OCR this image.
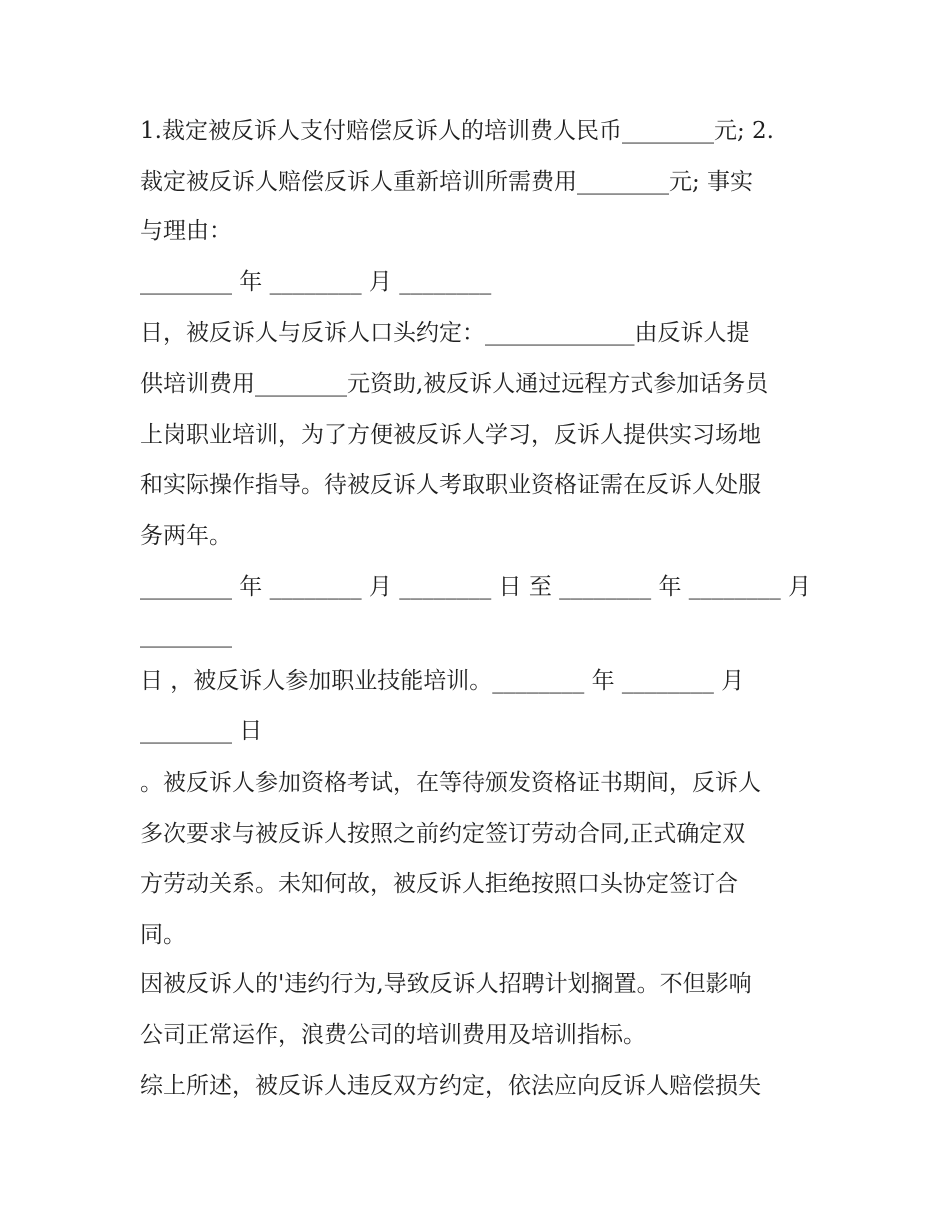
1.裁定被反诉人支付赔偿反诉人的培训费人民币________元; 2.
裁定被反诉人赔偿反诉人重新培训所需费用________元; 事实
与理由：
________ 年 ________ 月 ________
日，被反诉人与反诉人口头约定：_____________由反诉人提
供培训费用________元资助,被反诉人通过远程方式参加话务员
上岗职业培训，为了方便被反诉人学习，反诉人提供实习场地
和实际操作指导。待被反诉人考取职业资格证需在反诉人处服
务两年。
________ 年 ________ 月 ________ 日 至 ________ 年 ________ 月
________
日 ，被反诉人参加职业技能培训。________ 年 ________ 月
________ 日
。被反诉人参加资格考试，在等待颁发资格证书期间，反诉人
多次要求与被反诉人按照之前约定签订劳动合同,正式确定双
方劳动关系。未知何故，被反诉人拒绝按照口头协定签订合
同。
因被反诉人的'违约行为,导致反诉人招聘计划搁置。不但影响
公司正常运作，浪费公司的培训费用及培训指标。
综上所述，被反诉人违反双方约定，依法应向反诉人赔偿损失
